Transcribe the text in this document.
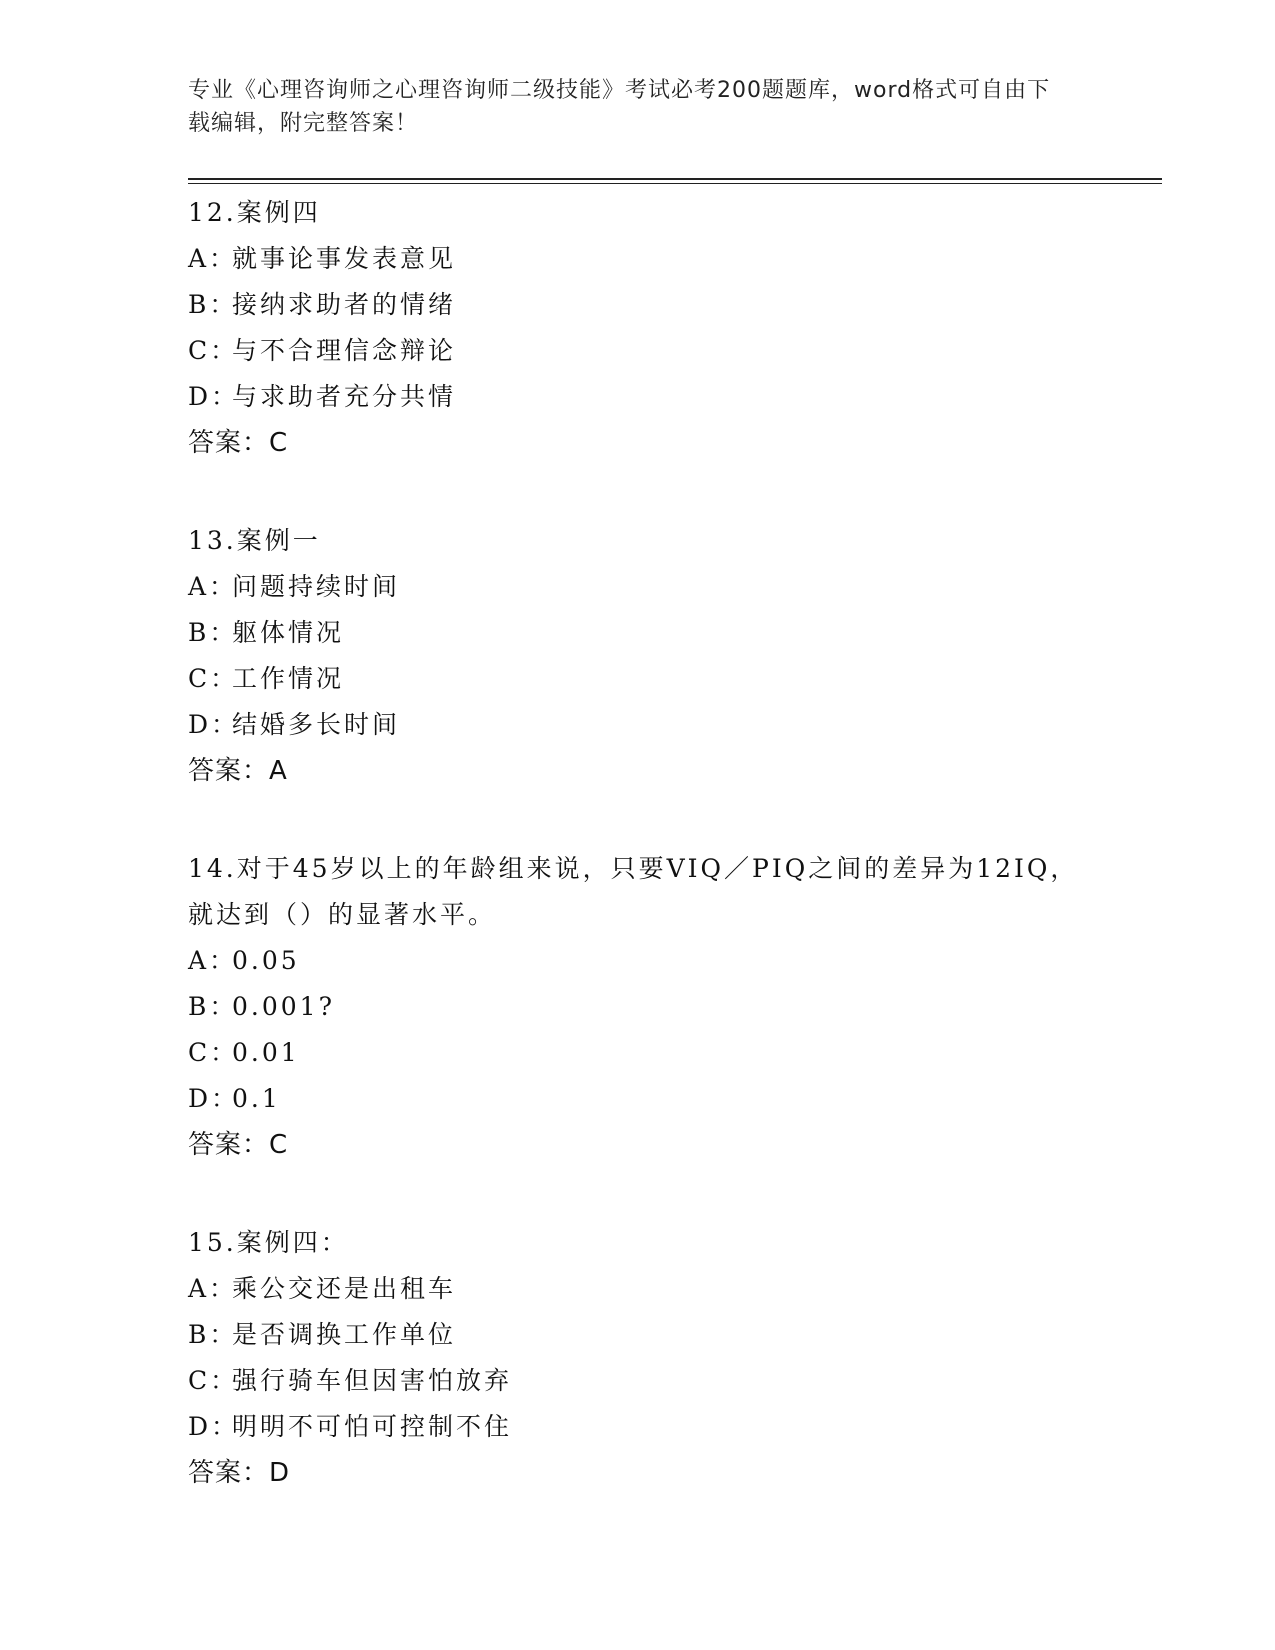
专业《心理咨询师之心理咨询师二级技能》考试必考200题题库，word格式可自由下载编辑，附完整答案！
12.案例四
A：就事论事发表意见
B：接纳求助者的情绪
C：与不合理信念辩论
D：与求助者充分共情
答案：C
13.案例一
A：问题持续时间
B：躯体情况
C：工作情况
D：结婚多长时间
答案：A
14.对于45岁以上的年龄组来说，只要VIQ／PIQ之间的差异为12IQ，就达到（）的显著水平。
A：0.05
B：0.001?
C：0.01
D：0.1
答案：C
15.案例四：
A：乘公交还是出租车
B：是否调换工作单位
C：强行骑车但因害怕放弃
D：明明不可怕可控制不住
答案：D
